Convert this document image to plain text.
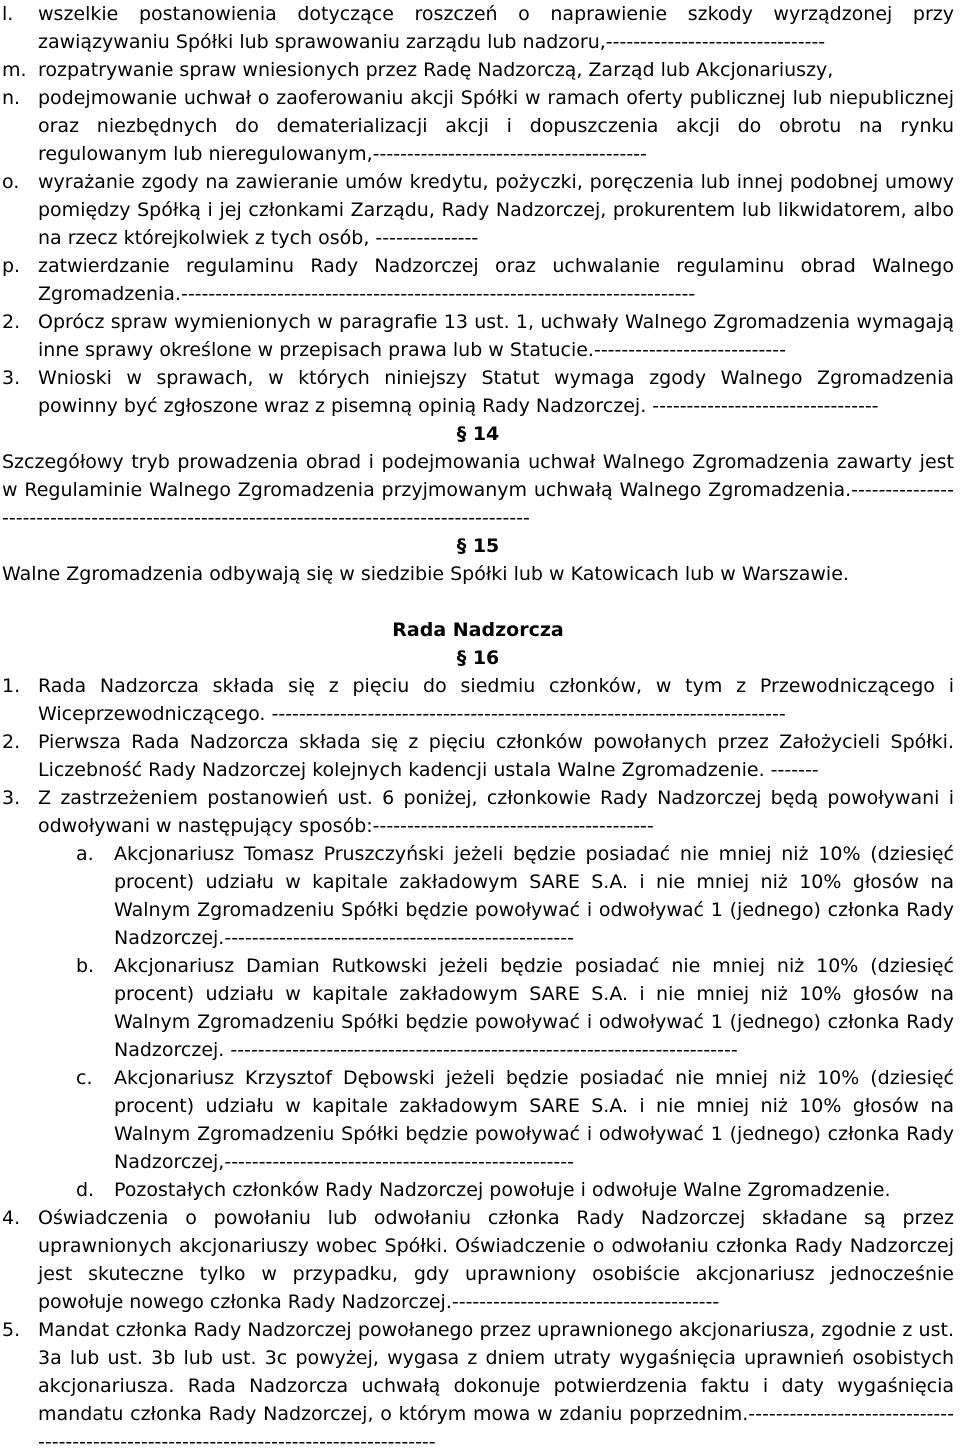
l. wszelkie postanowienia dotyczące roszczeń o naprawienie szkody wyrządzonej przy zawiązywaniu Spółki lub sprawowaniu zarządu lub nadzoru,--------------------------------
m. rozpatrywanie spraw wniesionych przez Radę Nadzorczą, Zarząd lub Akcjonariuszy,
n. podejmowanie uchwał o zaoferowaniu akcji Spółki w ramach oferty publicznej lub niepublicznej oraz niezbędnych do dematerializacji akcji i dopuszczenia akcji do obrotu na rynku regulowanym lub nieregulowanym,----------------------------------------
o. wyrażanie zgody na zawieranie umów kredytu, pożyczki, poręczenia lub innej podobnej umowy pomiędzy Spółką i jej członkami Zarządu, Rady Nadzorczej, prokurentem lub likwidatorem, albo na rzecz którejkolwiek z tych osób, ---------------
p. zatwierdzanie regulaminu Rady Nadzorczej oraz uchwalanie regulaminu obrad Walnego Zgromadzenia.---------------------------------------------------------------------------
2. Oprócz spraw wymienionych w paragrafie 13 ust. 1, uchwały Walnego Zgromadzenia wymagają inne sprawy określone w przepisach prawa lub w Statucie.----------------------------
3. Wnioski w sprawach, w których niniejszy Statut wymaga zgody Walnego Zgromadzenia powinny być zgłoszone wraz z pisemną opinią Rady Nadzorczej. ---------------------------------
§ 14
Szczegółowy tryb prowadzenia obrad i podejmowania uchwał Walnego Zgromadzenia zawarty jest w Regulaminie Walnego Zgromadzenia przyjmowanym uchwałą Walnego Zgromadzenia.--------------------------------------------------------------------------------------------
§ 15
Walne Zgromadzenia odbywają się w siedzibie Spółki lub w Katowicach lub w Warszawie.
Rada Nadzorcza
§ 16
1. Rada Nadzorcza składa się z pięciu do siedmiu członków, w tym z Przewodniczącego i Wiceprzewodniczącego. ---------------------------------------------------------------------------
2. Pierwsza Rada Nadzorcza składa się z pięciu członków powołanych przez Założycieli Spółki. Liczebność Rady Nadzorczej kolejnych kadencji ustala Walne Zgromadzenie. -------
3. Z zastrzeżeniem postanowień ust. 6 poniżej, członkowie Rady Nadzorczej będą powoływani i odwoływani w następujący sposób:-----------------------------------------
a. Akcjonariusz Tomasz Pruszczyński jeżeli będzie posiadać nie mniej niż 10% (dziesięć procent) udziału w kapitale zakładowym SARE S.A. i nie mniej niż 10% głosów na Walnym Zgromadzeniu Spółki będzie powoływać i odwoływać 1 (jednego) członka Rady Nadzorczej.---------------------------------------------------
b. Akcjonariusz Damian Rutkowski jeżeli będzie posiadać nie mniej niż 10% (dziesięć procent) udziału w kapitale zakładowym SARE S.A. i nie mniej niż 10% głosów na Walnym Zgromadzeniu Spółki będzie powoływać i odwoływać 1 (jednego) członka Rady Nadzorczej. --------------------------------------------------------------------------
c. Akcjonariusz Krzysztof Dębowski jeżeli będzie posiadać nie mniej niż 10% (dziesięć procent) udziału w kapitale zakładowym SARE S.A. i nie mniej niż 10% głosów na Walnym Zgromadzeniu Spółki będzie powoływać i odwoływać 1 (jednego) członka Rady Nadzorczej,---------------------------------------------------
d. Pozostałych członków Rady Nadzorczej powołuje i odwołuje Walne Zgromadzenie.
4. Oświadczenia o powołaniu lub odwołaniu członka Rady Nadzorczej składane są przez uprawnionych akcjonariuszy wobec Spółki. Oświadczenie o odwołaniu członka Rady Nadzorczej jest skuteczne tylko w przypadku, gdy uprawniony osobiście akcjonariusz jednocześnie powołuje nowego członka Rady Nadzorczej.---------------------------------------
5. Mandat członka Rady Nadzorczej powołanego przez uprawnionego akcjonariusza, zgodnie z ust. 3a lub ust. 3b lub ust. 3c powyżej, wygasa z dniem utraty wygaśnięcia uprawnień osobistych akcjonariusza. Rada Nadzorcza uchwałą dokonuje potwierdzenia faktu i daty wygaśnięcia mandatu członka Rady Nadzorczej, o którym mowa w zdaniu poprzednim.----------------------------------------------------------------------------------------
